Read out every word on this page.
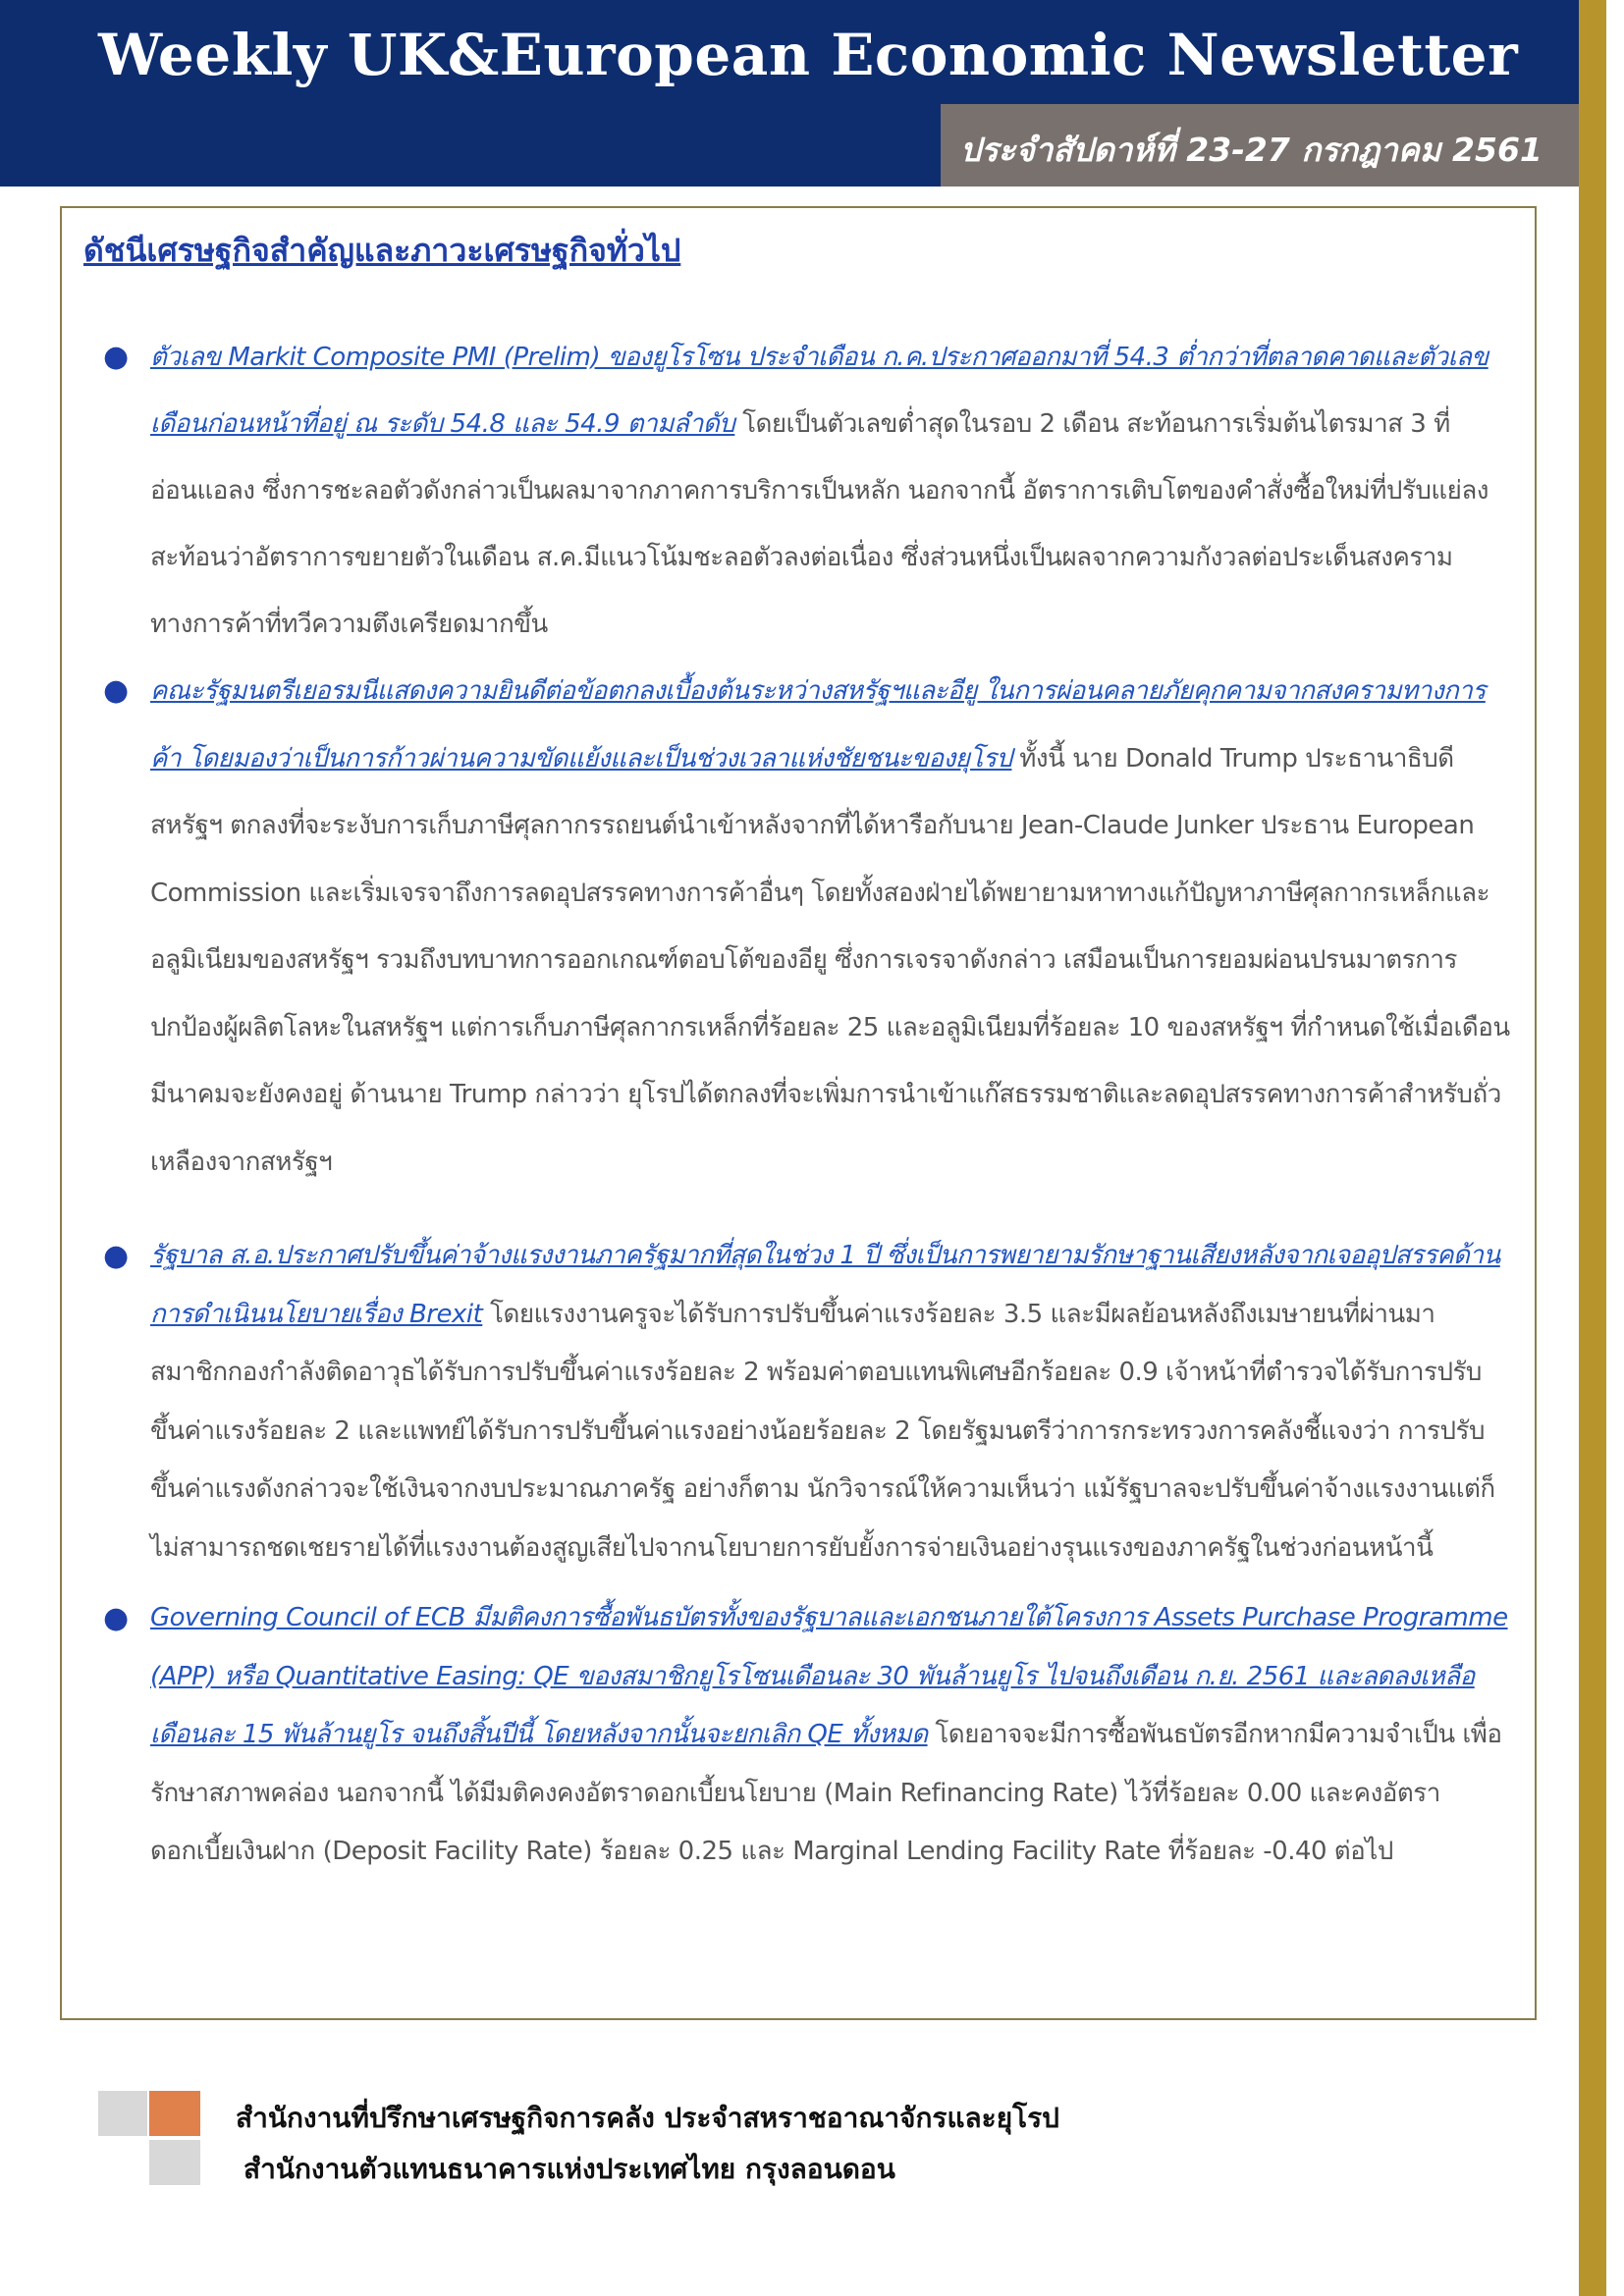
Weekly UK&European Economic Newsletter

ประจำสัปดาห์ที่ 23-27 กรกฎาคม 2561

ดัชนีเศรษฐกิจสำคัญและภาวะเศรษฐกิจทั่วไป
● ตัวเลข Markit Composite PMI (Prelim) ของยูโรโซน ประจำเดือน ก.ค.ประกาศออกมาที่ 54.3 ต่ำกว่าที่ตลาดคาดและตัวเลขเดือนก่อนหน้าที่อยู่ ณ ระดับ 54.8 และ 54.9 ตามลำดับ โดยเป็นตัวเลขต่ำสุดในรอบ 2 เดือน สะท้อนการเริ่มต้นไตรมาส 3 ที่อ่อนแอลง ซึ่งการชะลอตัวดังกล่าวเป็นผลมาจากภาคการบริการเป็นหลัก นอกจากนี้ อัตราการเติบโตของคำสั่งซื้อใหม่ที่ปรับแย่ลง สะท้อนว่าอัตราการขยายตัวในเดือน ส.ค.มีแนวโน้มชะลอตัวลงต่อเนื่อง ซึ่งส่วนหนึ่งเป็นผลจากความกังวลต่อประเด็นสงครามทางการค้าที่ทวีความตึงเครียดมากขึ้น
● คณะรัฐมนตรีเยอรมนีแสดงความยินดีต่อข้อตกลงเบื้องต้นระหว่างสหรัฐฯและอียู ในการผ่อนคลายภัยคุกคามจากสงครามทางการค้า โดยมองว่าเป็นการก้าวผ่านความขัดแย้งและเป็นช่วงเวลาแห่งชัยชนะของยุโรป ทั้งนี้ นาย Donald Trump ประธานาธิบดีสหรัฐฯ ตกลงที่จะระงับการเก็บภาษีศุลกากรรถยนต์นำเข้าหลังจากที่ได้หารือกับนาย Jean-Claude Junker ประธาน European Commission และเริ่มเจรจาถึงการลดอุปสรรคทางการค้าอื่นๆ โดยทั้งสองฝ่ายได้พยายามหาทางแก้ปัญหาภาษีศุลกากรเหล็กและอลูมิเนียมของสหรัฐฯ รวมถึงบทบาทการออกเกณฑ์ตอบโต้ของอียู ซึ่งการเจรจาดังกล่าว เสมือนเป็นการยอมผ่อนปรนมาตรการปกป้องผู้ผลิตโลหะในสหรัฐฯ แต่การเก็บภาษีศุลกากรเหล็กที่ร้อยละ 25 และอลูมิเนียมที่ร้อยละ 10 ของสหรัฐฯ ที่กำหนดใช้เมื่อเดือนมีนาคมจะยังคงอยู่ ด้านนาย Trump กล่าวว่า ยุโรปได้ตกลงที่จะเพิ่มการนำเข้าแก๊สธรรมชาติและลดอุปสรรคทางการค้าสำหรับถั่วเหลืองจากสหรัฐฯ
● รัฐบาล ส.อ.ประกาศปรับขึ้นค่าจ้างแรงงานภาครัฐมากที่สุดในช่วง 1 ปี ซึ่งเป็นการพยายามรักษาฐานเสียงหลังจากเจออุปสรรคด้านการดำเนินนโยบายเรื่อง Brexit โดยแรงงานครูจะได้รับการปรับขึ้นค่าแรงร้อยละ 3.5 และมีผลย้อนหลังถึงเมษายนที่ผ่านมา สมาชิกกองกำลังติดอาวุธได้รับการปรับขึ้นค่าแรงร้อยละ 2 พร้อมค่าตอบแทนพิเศษอีกร้อยละ 0.9 เจ้าหน้าที่ตำรวจได้รับการปรับขึ้นค่าแรงร้อยละ 2 และแพทย์ได้รับการปรับขึ้นค่าแรงอย่างน้อยร้อยละ 2 โดยรัฐมนตรีว่าการกระทรวงการคลังชี้แจงว่า การปรับขึ้นค่าแรงดังกล่าวจะใช้เงินจากงบประมาณภาครัฐ อย่างก็ตาม นักวิจารณ์ให้ความเห็นว่า แม้รัฐบาลจะปรับขึ้นค่าจ้างแรงงานแต่ก็ไม่สามารถชดเชยรายได้ที่แรงงานต้องสูญเสียไปจากนโยบายการยับยั้งการจ่ายเงินอย่างรุนแรงของภาครัฐในช่วงก่อนหน้านี้
● Governing Council of ECB มีมติคงการซื้อพันธบัตรทั้งของรัฐบาลและเอกชนภายใต้โครงการ Assets Purchase Programme (APP) หรือ Quantitative Easing: QE ของสมาชิกยูโรโซนเดือนละ 30 พันล้านยูโร ไปจนถึงเดือน ก.ย. 2561 และลดลงเหลือเดือนละ 15 พันล้านยูโร จนถึงสิ้นปีนี้ โดยหลังจากนั้นจะยกเลิก QE ทั้งหมด โดยอาจจะมีการซื้อพันธบัตรอีกหากมีความจำเป็น เพื่อรักษาสภาพคล่อง นอกจากนี้ ได้มีมติคงคงอัตราดอกเบี้ยนโยบาย (Main Refinancing Rate) ไว้ที่ร้อยละ 0.00 และคงอัตราดอกเบี้ยเงินฝาก (Deposit Facility Rate) ร้อยละ 0.25 และ Marginal Lending Facility Rate ที่ร้อยละ -0.40 ต่อไป

สำนักงานที่ปรึกษาเศรษฐกิจการคลัง ประจำสหราชอาณาจักรและยุโรป

สำนักงานตัวแทนธนาคารแห่งประเทศไทย กรุงลอนดอน
